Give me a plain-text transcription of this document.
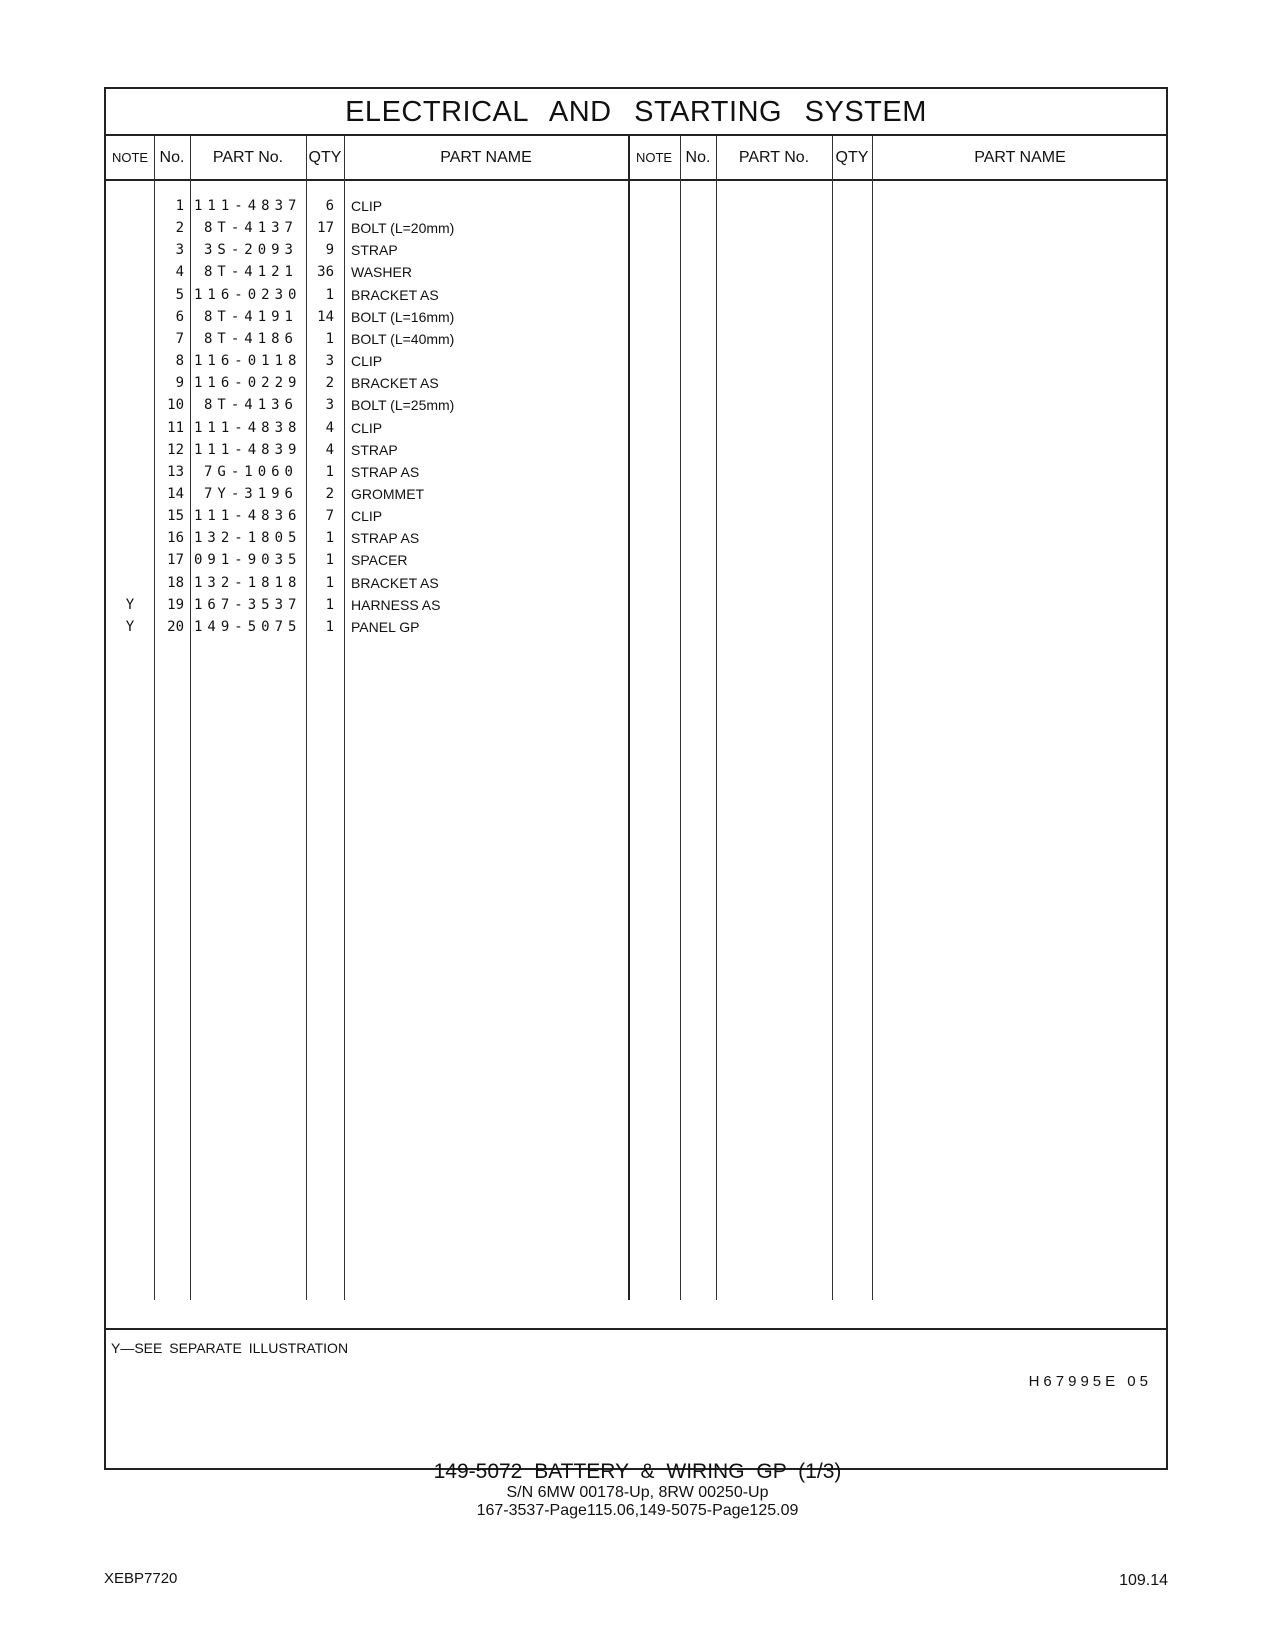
ELECTRICAL AND STARTING SYSTEM
NOTE No.	PART No.	QTY	PART NAME	NOTE No.	PART No.	QTY	PART NAME
1 111-4837	6 CLIP
2	8T-4137	17 BOLT (L=20mm)
3	3S-2093	9 STRAP
4	8T-4121	36 WASHER
5 116-0230	1 BRACKET AS
6	8T-4191	14 BOLT (L=16mm)
7	8T-4186	1 BOLT (L=40mm)
8 116-0118	3 CLIP
9 116-0229	2 BRACKET AS
10	8T-4136	3 BOLT (L=25mm)
11 111-4838	4 CLIP
12 111-4839	4 STRAP
13	7G-1060	1 STRAP AS
14	7Y-3196	2 GROMMET
15 111-4836	7 CLIP
16 132-1805	1 STRAP AS
17 091-9035	1 SPACER
18 132-1818	1 BRACKET AS
Y	19 167-3537	1 HARNESS AS
Y	20 149-5075	1 PANEL GP
Y—SEE SEPARATE ILLUSTRATION
H67995E 05
149-5072 BATTERY & WIRING GP (1/3)
S/N 6MW 00178-Up, 8RW 00250-Up
167-3537-Page115.06,149-5075-Page125.09
XEBP7720	109.14
